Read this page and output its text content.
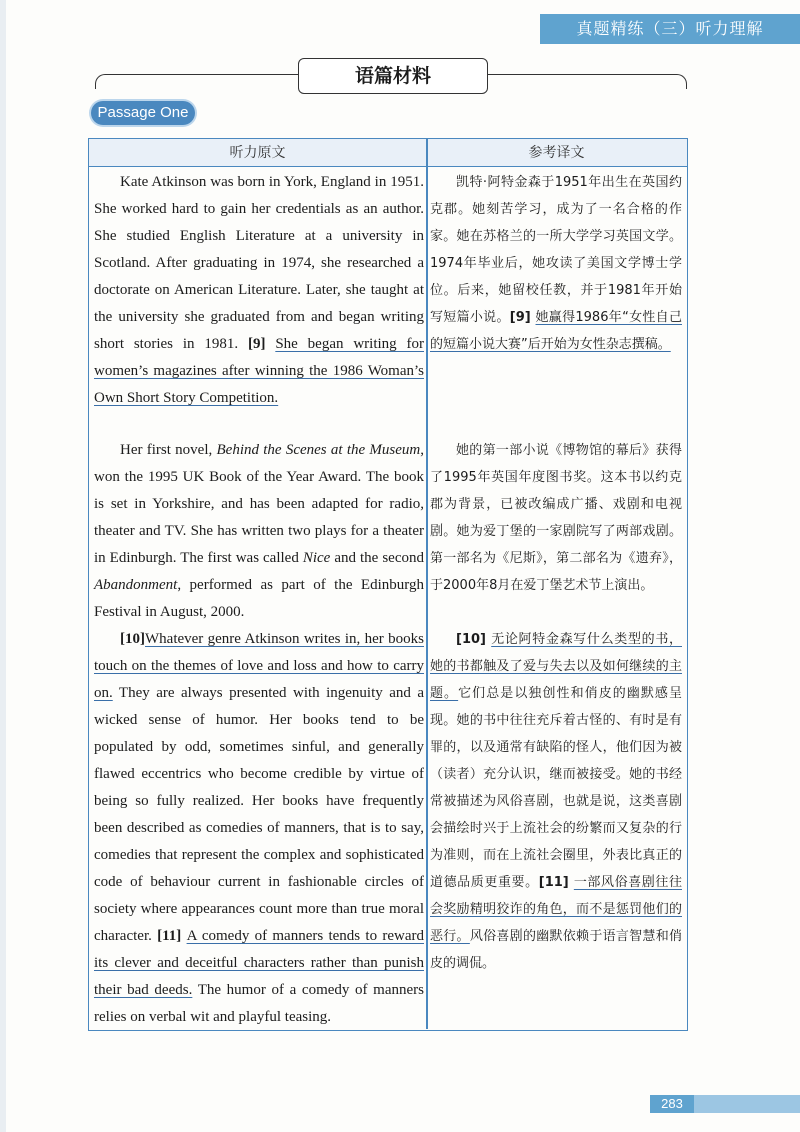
真题精练（三）听力理解
语篇材料
Passage One
听力原文	参考译文

Kate Atkinson was born in York, England in 1951. She worked hard to gain her credentials as an author. She studied English Literature at a university in Scotland. After graduating in 1974, she researched a doctorate on American Literature. Later, she taught at the university she graduated from and began writing short stories in 1981. [9] She began writing for women’s magazines after winning the 1986 Woman’s Own Short Story Competition.

Her first novel, Behind the Scenes at the Museum, won the 1995 UK Book of the Year Award. The book is set in Yorkshire, and has been adapted for radio, theater and TV. She has written two plays for a theater in Edinburgh. The first was called Nice and the second Abandonment, performed as part of the Edinburgh Festival in August, 2000.

[10]Whatever genre Atkinson writes in, her books touch on the themes of love and loss and how to carry on. They are always presented with ingenuity and a wicked sense of humor. Her books tend to be populated by odd, sometimes sinful, and generally flawed eccentrics who become credible by virtue of being so fully realized. Her books have frequently been described as comedies of manners, that is to say, comedies that represent the complex and sophisticated code of behaviour current in fashionable circles of society where appearances count more than true moral character. [11] A comedy of manners tends to reward its clever and deceitful characters rather than punish their bad deeds. The humor of a comedy of manners relies on verbal wit and playful teasing.

凯特·阿特金森于1951年出生在英国约克郡。她刻苦学习，成为了一名合格的作家。她在苏格兰的一所大学学习英国文学。1974年毕业后，她攻读了美国文学博士学位。后来，她留校任教，并于1981年开始写短篇小说。[9] 她赢得1986年“女性自己的短篇小说大赛”后开始为女性杂志撰稿。
她的第一部小说《博物馆的幕后》获得了1995年英国年度图书奖。这本书以约克郡为背景，已被改编成广播、戏剧和电视剧。她为爱丁堡的一家剧院写了两部戏剧。第一部名为《尼斯》，第二部名为《遗弃》，于2000年8月在爱丁堡艺术节上演出。
[10] 无论阿特金森写什么类型的书，她的书都触及了爱与失去以及如何继续的主题。它们总是以独创性和俏皮的幽默感呈现。她的书中往往充斥着古怪的、有时是有罪的，以及通常有缺陷的怪人，他们因为被（读者）充分认识，继而被接受。她的书经常被描述为风俗喜剧，也就是说，这类喜剧会描绘时兴于上流社会的纷繁而又复杂的行为准则，而在上流社会圈里，外表比真正的道德品质更重要。[11] 一部风俗喜剧往往会奖励精明狡诈的角色，而不是惩罚他们的恶行。风俗喜剧的幽默依赖于语言智慧和俏皮的调侃。
283
